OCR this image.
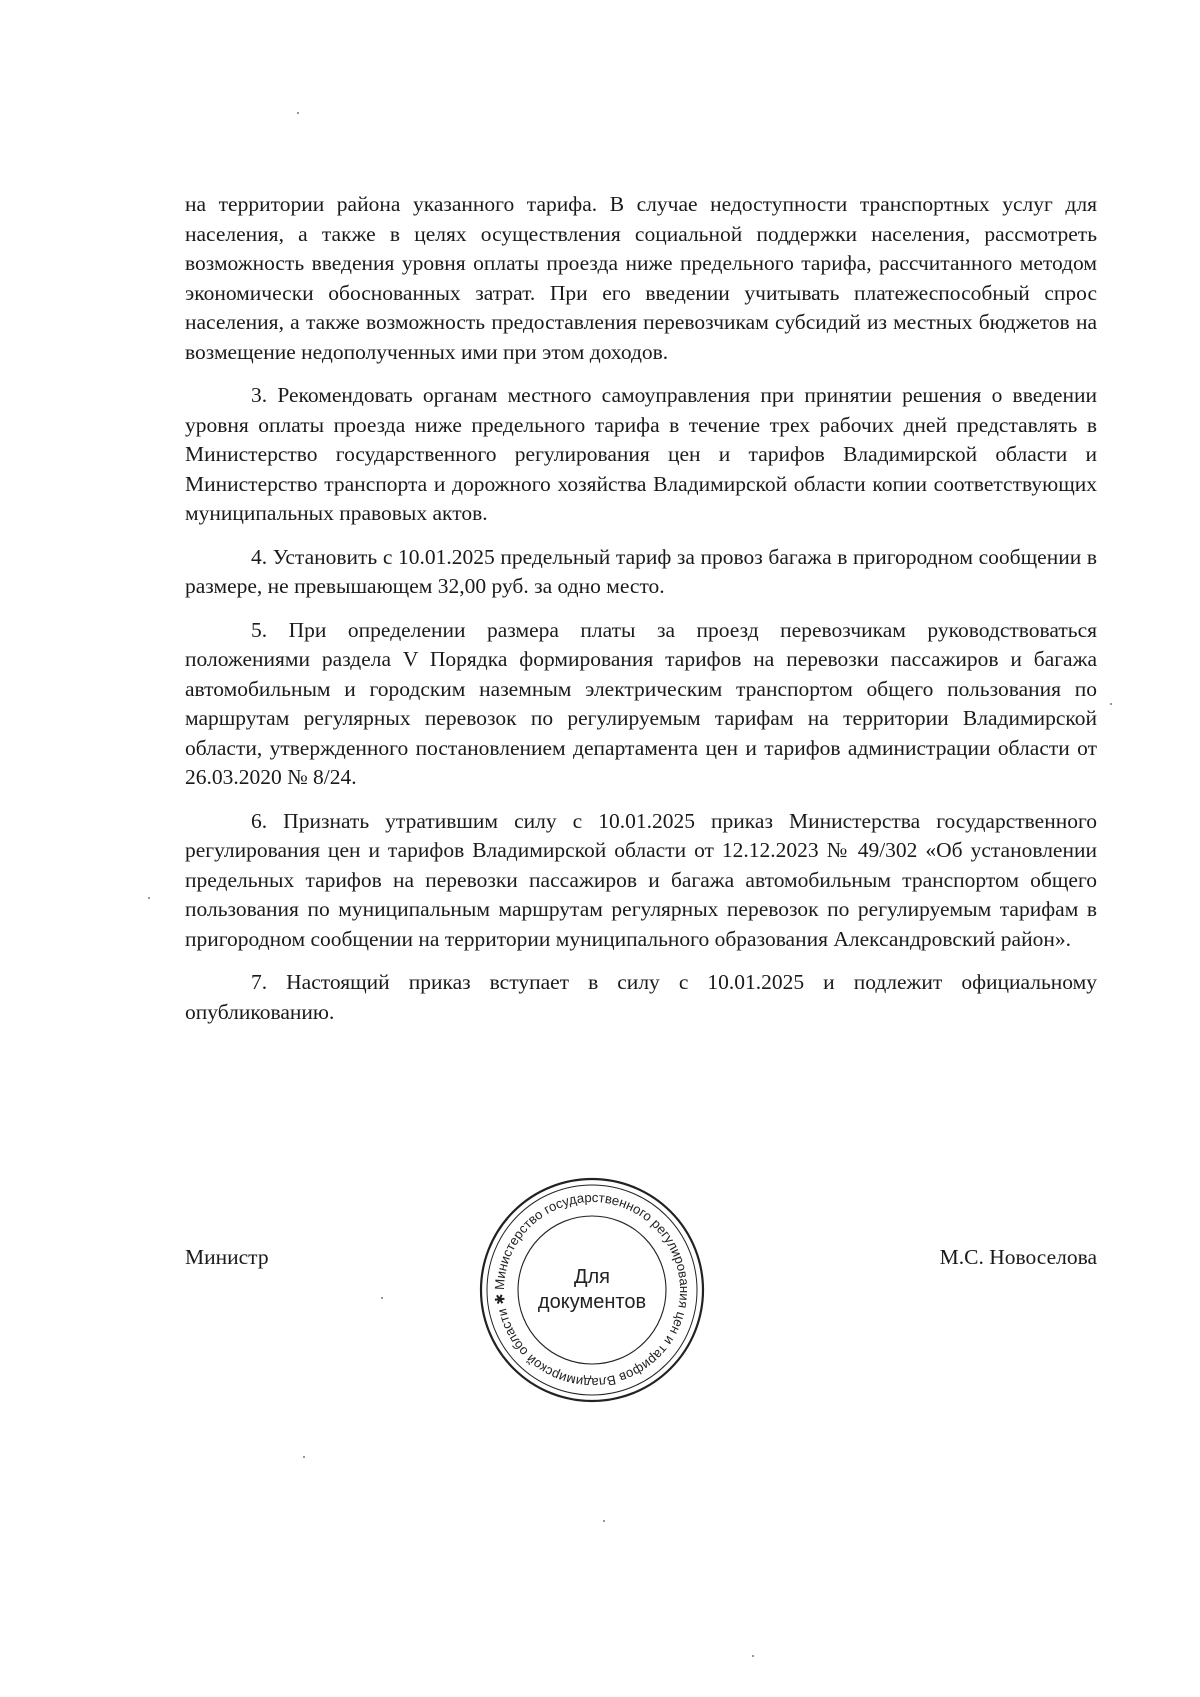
на территории района указанного тарифа. В случае недоступности транспортных услуг для населения, а также в целях осуществления социальной поддержки населения, рассмотреть возможность введения уровня оплаты проезда ниже предельного тарифа, рассчитанного методом экономически обоснованных затрат. При его введении учитывать платежеспособный спрос населения, а также возможность предоставления перевозчикам субсидий из местных бюджетов на возмещение недополученных ими при этом доходов.

3. Рекомендовать органам местного самоуправления при принятии решения о введении уровня оплаты проезда ниже предельного тарифа в течение трех рабочих дней представлять в Министерство государственного регулирования цен и тарифов Владимирской области и Министерство транспорта и дорожного хозяйства Владимирской области копии соответствующих муниципальных правовых актов.

4. Установить с 10.01.2025 предельный тариф за провоз багажа в пригородном сообщении в размере, не превышающем 32,00 руб. за одно место.

5. При определении размера платы за проезд перевозчикам руководствоваться положениями раздела V Порядка формирования тарифов на перевозки пассажиров и багажа автомобильным и городским наземным электрическим транспортом общего пользования по маршрутам регулярных перевозок по регулируемым тарифам на территории Владимирской области, утвержденного постановлением департамента цен и тарифов администрации области от 26.03.2020 № 8/24.

6. Признать утратившим силу с 10.01.2025 приказ Министерства государственного регулирования цен и тарифов Владимирской области от 12.12.2023 № 49/302 «Об установлении предельных тарифов на перевозки пассажиров и багажа автомобильным транспортом общего пользования по муниципальным маршрутам регулярных перевозок по регулируемым тарифам в пригородном сообщении на территории муниципального образования Александровский район».

7. Настоящий приказ вступает в силу с 10.01.2025 и подлежит официальному опубликованию.

Министр	М.С. Новоселова
Министерство государственного регулирования цен и тарифов Владимирской области ✱
Для
документов
